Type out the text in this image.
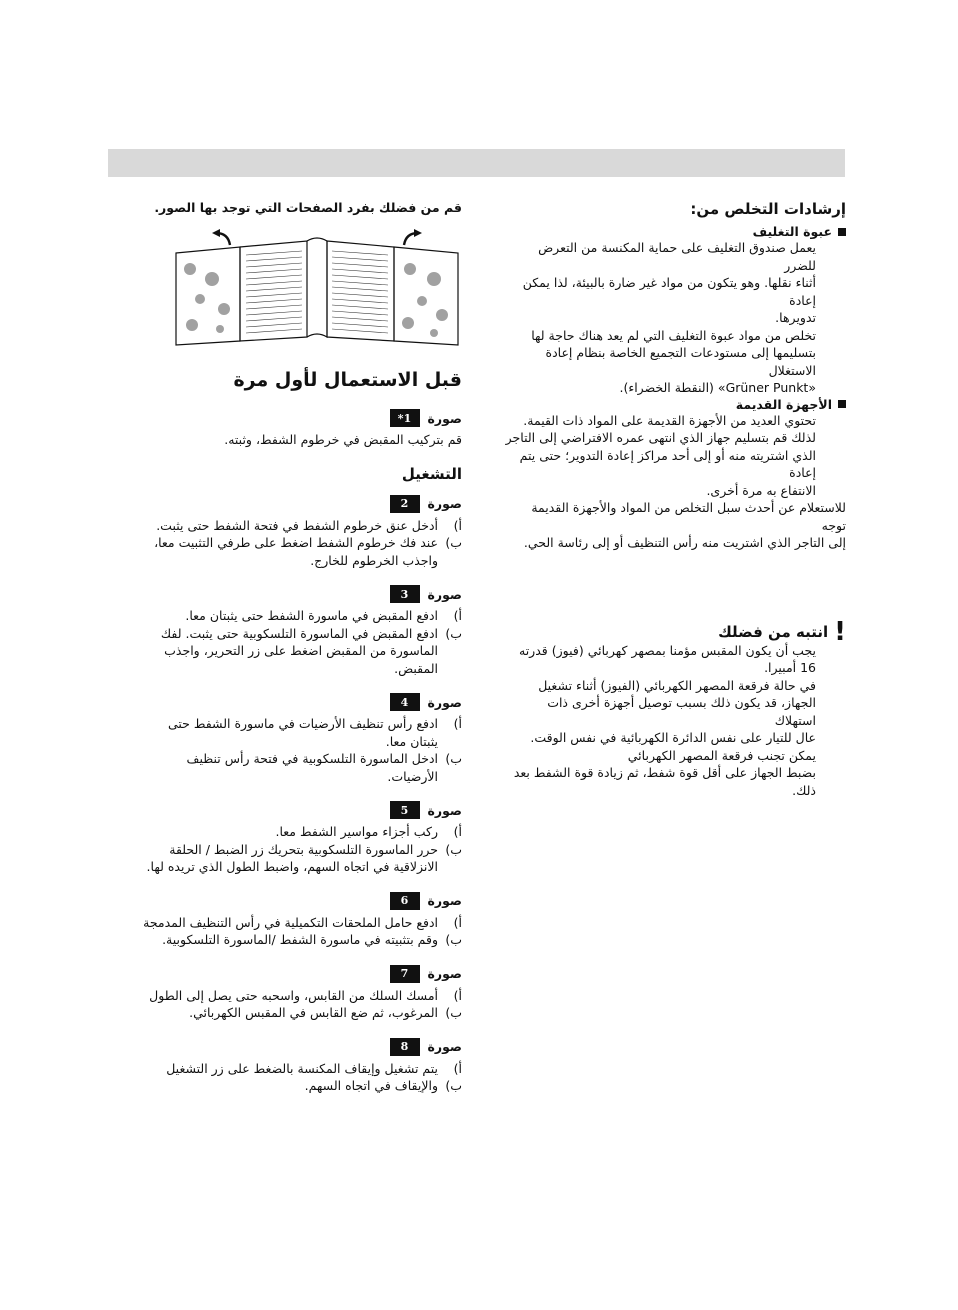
إرشادات التخلص من:
عبوة التغليف

يعمل صندوق التغليف على حماية المكنسة من التعرض للضرر

أثناء نقلها. وهو يتكون من مواد غير ضارة بالبيئة، لذا يمكن إعادة

تدويرها.

تخلص من مواد عبوة التغليف التي لم يعد هناك حاجة لها

بتسليمها إلى مستودعات التجميع الخاصة بنظام إعادة الاستغلال

«Grüner Punkt» (النقطة الخضراء).

الأجهزة القديمة

تحتوي العديد من الأجهزة القديمة على المواد ذات القيمة.

لذلك قم بتسليم جهاز الذي انتهى عمره الافتراضي إلى التاجر

الذي اشتريته منه أو إلى أحد مراكز إعادة التدوير؛ حتى يتم إعادة

الانتفاع به مرة أخرى.

للاستعلام عن أحدث سبل التخلص من المواد والأجهزة القديمة توجه

إلى التاجر الذي اشتريت منه رأس التنظيف أو إلى رئاسة الحي.

!
انتبه من فضلك

يجب أن يكون المقبس مؤمنا بمصهر كهربائي (فيوز) قدرته

16 أمبيرا.

في حالة فرقعة المصهر الكهربائي (الفيوز) أثناء تشغيل

الجهاز، قد يكون ذلك بسبب توصيل أجهزة أخرى ذات استهلاك

عال للتيار على نفس الدائرة الكهربائية في نفس الوقت.

يمكن تجنب فرقعة المصهر الكهربائي

بضبط الجهاز على أقل قوة شفط، ثم زيادة قوة الشفط بعد

ذلك.

قم من فضلك بفرد الصفحات التي توجد بها الصور.
قبل الاستعمال لأول مرة
صورة
1*

قم بتركيب المقبض في خرطوم الشفط، وثبته.

التشغيل
صورة
2
أ)
أدخل عنق خرطوم الشفط في فتحة الشفط حتى يثبت.
ب)
عند فك خرطوم الشفط اضغط على طرفي التثبيت معا، واجذب الخرطوم للخارج.
صورة
3
أ)
ادفع المقبض في ماسورة الشفط حتى يثبتان معا.
ب)
ادفع المقبض في الماسورة التلسكوبية حتى يثبت. لفك الماسورة من المقبض اضغط على زر التحرير، واجذب المقبض.
صورة
4
أ)
ادفع رأس تنظيف الأرضيات في ماسورة الشفط حتى يثبتان معا.
ب)
ادخل الماسورة التلسكوبية في فتحة رأس تنظيف الأرضيات.
صورة
5
أ)
ركب أجزاء مواسير الشفط معا.
ب)
حرر الماسورة التلسكوبية بتحريك زر الضبط / الحلقة الانزلاقية في اتجاه السهم، واضبط الطول الذي تريده لها.
صورة
6
أ)
ادفع حامل الملحقات التكميلية في رأس التنظيف المدمجة
ب)
وقم بتثبيته في ماسورة الشفط /الماسورة التلسكوبية.
صورة
7
أ)
أمسك السلك من القابس، واسحبه حتى يصل إلى الطول
ب)
المرغوب، ثم ضع القابس في المقبس الكهربائي.
صورة
8
أ)
يتم تشغيل وإيقاف المكنسة بالضغط على زر التشغيل
ب)
والإيقاف في اتجاه السهم.
